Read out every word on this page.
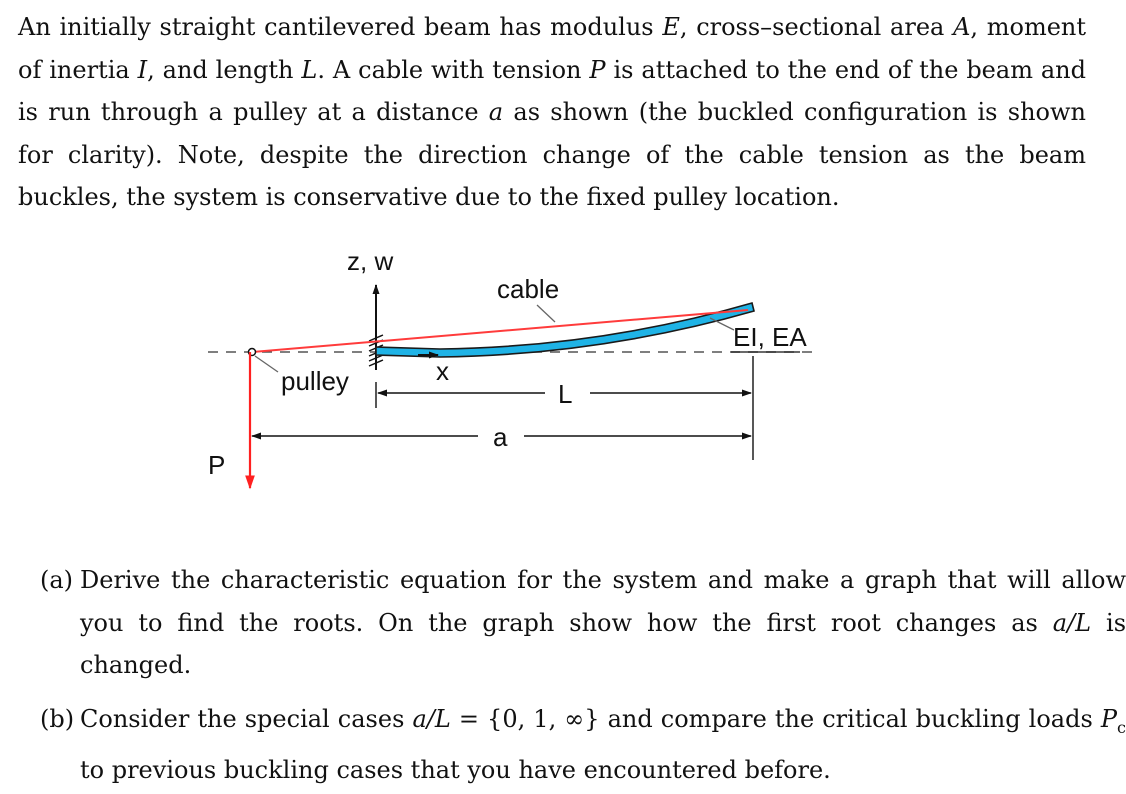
An initially straight cantilevered beam has modulus E, cross–sectional area A, moment of inertia I, and length L. A cable with tension P is attached to the end of the beam and is run through a pulley at a distance a as shown (the buckled configuration is shown for clarity). Note, despite the direction change of the cable tension as the beam buckles, the system is conservative due to the fixed pulley location.

z, w
cable
EI, EA
x
pulley	L
a
P

(a) Derive the characteristic equation for the system and make a graph that will allow you to find the roots. On the graph show how the first root changes as a/L is changed.

(b) Consider the special cases a/L = {0, 1, ∞} and compare the critical buckling loads $P_c$ to previous buckling cases that you have encountered before.
